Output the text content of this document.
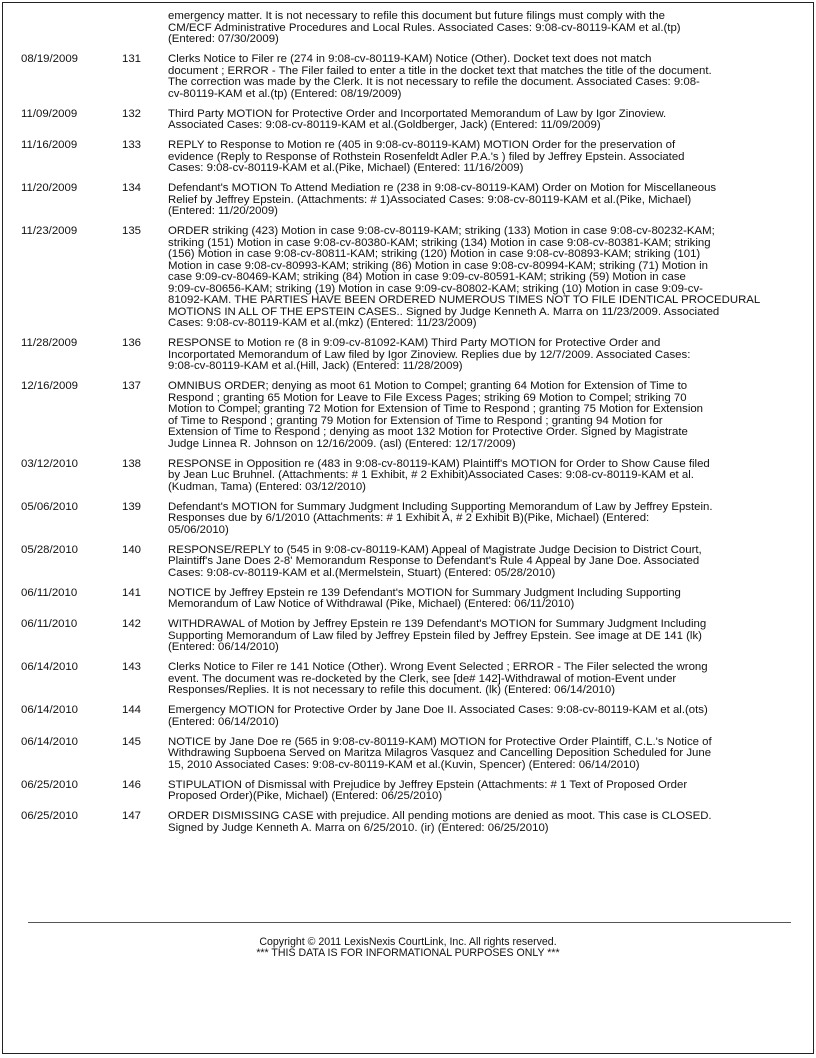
emergency matter. It is not necessary to refile this document but future filings must comply with the
CM/ECF Administrative Procedures and Local Rules. Associated Cases: 9:08-cv-80119-KAM et al.(tp)
(Entered: 07/30/2009)
08/19/2009	131 Clerks Notice to Filer re (274 in 9:08-cv-80119-KAM) Notice (Other). Docket text does not match
document ; ERROR - The Filer failed to enter a title in the docket text that matches the title of the document.
The correction was made by the Clerk. It is not necessary to refile the document. Associated Cases: 9:08-
cv-80119-KAM et al.(tp) (Entered: 08/19/2009)
11/09/2009	132 Third Party MOTION for Protective Order and Incorportated Memorandum of Law by Igor Zinoview.
Associated Cases: 9:08-cv-80119-KAM et al.(Goldberger, Jack) (Entered: 11/09/2009)
11/16/2009	133 REPLY to Response to Motion re (405 in 9:08-cv-80119-KAM) MOTION Order for the preservation of
evidence (Reply to Response of Rothstein Rosenfeldt Adler P.A.'s ) filed by Jeffrey Epstein. Associated
Cases: 9:08-cv-80119-KAM et al.(Pike, Michael) (Entered: 11/16/2009)
11/20/2009	134 Defendant's MOTION To Attend Mediation re (238 in 9:08-cv-80119-KAM) Order on Motion for Miscellaneous
Relief by Jeffrey Epstein. (Attachments: # 1)Associated Cases: 9:08-cv-80119-KAM et al.(Pike, Michael)
(Entered: 11/20/2009)
11/23/2009	135 ORDER striking (423) Motion in case 9:08-cv-80119-KAM; striking (133) Motion in case 9:08-cv-80232-KAM;
striking (151) Motion in case 9:08-cv-80380-KAM; striking (134) Motion in case 9:08-cv-80381-KAM; striking
(156) Motion in case 9:08-cv-80811-KAM; striking (120) Motion in case 9:08-cv-80893-KAM; striking (101)
Motion in case 9:08-cv-80993-KAM; striking (86) Motion in case 9:08-cv-80994-KAM; striking (71) Motion in
case 9:09-cv-80469-KAM; striking (84) Motion in case 9:09-cv-80591-KAM; striking (59) Motion in case
9:09-cv-80656-KAM; striking (19) Motion in case 9:09-cv-80802-KAM; striking (10) Motion in case 9:09-cv-
81092-KAM. THE PARTIES HAVE BEEN ORDERED NUMEROUS TIMES NOT TO FILE IDENTICAL PROCEDURAL
MOTIONS IN ALL OF THE EPSTEIN CASES.. Signed by Judge Kenneth A. Marra on 11/23/2009. Associated
Cases: 9:08-cv-80119-KAM et al.(mkz) (Entered: 11/23/2009)
11/28/2009	136 RESPONSE to Motion re (8 in 9:09-cv-81092-KAM) Third Party MOTION for Protective Order and
Incorportated Memorandum of Law filed by Igor Zinoview. Replies due by 12/7/2009. Associated Cases:
9:08-cv-80119-KAM et al.(Hill, Jack) (Entered: 11/28/2009)
12/16/2009	137 OMNIBUS ORDER; denying as moot 61 Motion to Compel; granting 64 Motion for Extension of Time to
Respond ; granting 65 Motion for Leave to File Excess Pages; striking 69 Motion to Compel; striking 70
Motion to Compel; granting 72 Motion for Extension of Time to Respond ; granting 75 Motion for Extension
of Time to Respond ; granting 79 Motion for Extension of Time to Respond ; granting 94 Motion for
Extension of Time to Respond ; denying as moot 132 Motion for Protective Order. Signed by Magistrate
Judge Linnea R. Johnson on 12/16/2009. (asl) (Entered: 12/17/2009)
03/12/2010	138 RESPONSE in Opposition re (483 in 9:08-cv-80119-KAM) Plaintiff's MOTION for Order to Show Cause filed
by Jean Luc Bruhnel. (Attachments: # 1 Exhibit, # 2 Exhibit)Associated Cases: 9:08-cv-80119-KAM et al.
(Kudman, Tama) (Entered: 03/12/2010)
05/06/2010	139 Defendant's MOTION for Summary Judgment Including Supporting Memorandum of Law by Jeffrey Epstein.
Responses due by 6/1/2010 (Attachments: # 1 Exhibit A, # 2 Exhibit B)(Pike, Michael) (Entered:
05/06/2010)
05/28/2010	140 RESPONSE/REPLY to (545 in 9:08-cv-80119-KAM) Appeal of Magistrate Judge Decision to District Court,
Plaintiff's Jane Does 2-8' Memorandum Response to Defendant's Rule 4 Appeal by Jane Doe. Associated
Cases: 9:08-cv-80119-KAM et al.(Mermelstein, Stuart) (Entered: 05/28/2010)
06/11/2010	141 NOTICE by Jeffrey Epstein re 139 Defendant's MOTION for Summary Judgment Including Supporting
Memorandum of Law Notice of Withdrawal (Pike, Michael) (Entered: 06/11/2010)
06/11/2010	142 WITHDRAWAL of Motion by Jeffrey Epstein re 139 Defendant's MOTION for Summary Judgment Including
Supporting Memorandum of Law filed by Jeffrey Epstein filed by Jeffrey Epstein. See image at DE 141 (lk)
(Entered: 06/14/2010)
06/14/2010	143 Clerks Notice to Filer re 141 Notice (Other). Wrong Event Selected ; ERROR - The Filer selected the wrong
event. The document was re-docketed by the Clerk, see [de# 142]-Withdrawal of motion-Event under
Responses/Replies. It is not necessary to refile this document. (lk) (Entered: 06/14/2010)
06/14/2010	144 Emergency MOTION for Protective Order by Jane Doe II. Associated Cases: 9:08-cv-80119-KAM et al.(ots)
(Entered: 06/14/2010)
06/14/2010	145 NOTICE by Jane Doe re (565 in 9:08-cv-80119-KAM) MOTION for Protective Order Plaintiff, C.L.'s Notice of
Withdrawing Supboena Served on Maritza Milagros Vasquez and Cancelling Deposition Scheduled for June
15, 2010 Associated Cases: 9:08-cv-80119-KAM et al.(Kuvin, Spencer) (Entered: 06/14/2010)
06/25/2010	146 STIPULATION of Dismissal with Prejudice by Jeffrey Epstein (Attachments: # 1 Text of Proposed Order
Proposed Order)(Pike, Michael) (Entered: 06/25/2010)
06/25/2010	147 ORDER DISMISSING CASE with prejudice. All pending motions are denied as moot. This case is CLOSED.
Signed by Judge Kenneth A. Marra on 6/25/2010. (ir) (Entered: 06/25/2010)
Copyright © 2011 LexisNexis CourtLink, Inc. All rights reserved.
*** THIS DATA IS FOR INFORMATIONAL PURPOSES ONLY ***
